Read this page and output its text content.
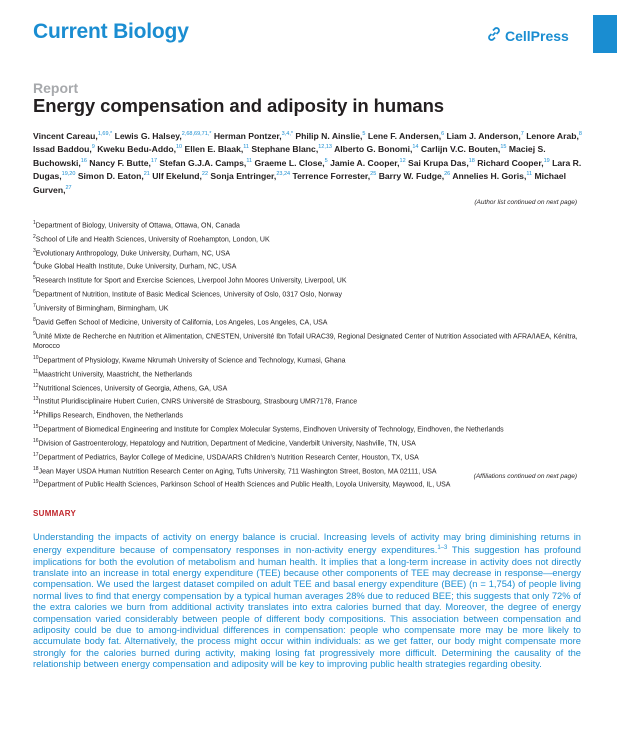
Current Biology	CellPress
Report
Energy compensation and adiposity in humans
Vincent Careau,$^{1,69,*}$ Lewis G. Halsey,$^{2,68,69,71,*}$ Herman Pontzer,$^{3,4,*}$ Philip N. Ainslie,$^5$ Lene F. Andersen,$^6$ Liam J. Anderson,$^7$ Lenore Arab,$^8$ Issad Baddou,$^9$ Kweku Bedu-Addo,$^{10}$ Ellen E. Blaak,$^{11}$ Stephane Blanc,$^{12,13}$ Alberto G. Bonomi,$^{14}$ Carlijn V.C. Bouten,$^{15}$ Maciej S. Buchowski,$^{16}$ Nancy F. Butte,$^{17}$ Stefan G.J.A. Camps,$^{11}$ Graeme L. Close,$^5$ Jamie A. Cooper,$^{12}$ Sai Krupa Das,$^{18}$ Richard Cooper,$^{19}$ Lara R. Dugas,$^{19,20}$ Simon D. Eaton,$^{21}$ Ulf Ekelund,$^{22}$ Sonja Entringer,$^{23,24}$ Terrence Forrester,$^{25}$ Barry W. Fudge,$^{26}$ Annelies H. Goris,$^{11}$ Michael Gurven,$^{27}$
(Author list continued on next page)
$^1$Department of Biology, University of Ottawa, Ottawa, ON, Canada
$^2$School of Life and Health Sciences, University of Roehampton, London, UK
$^3$Evolutionary Anthropology, Duke University, Durham, NC, USA
$^4$Duke Global Health Institute, Duke University, Durham, NC, USA
$^5$Research Institute for Sport and Exercise Sciences, Liverpool John Moores University, Liverpool, UK
$^6$Department of Nutrition, Institute of Basic Medical Sciences, University of Oslo, 0317 Oslo, Norway
$^7$University of Birmingham, Birmingham, UK
$^8$David Geffen School of Medicine, University of California, Los Angeles, Los Angeles, CA, USA
$^9$Unité Mixte de Recherche en Nutrition et Alimentation, CNESTEN, Université Ibn Tofail URAC39, Regional Designated Center of Nutrition Associated with AFRA/IAEA, Kénitra, Morocco
$^{10}$Department of Physiology, Kwame Nkrumah University of Science and Technology, Kumasi, Ghana
$^{11}$Maastricht University, Maastricht, the Netherlands
$^{12}$Nutritional Sciences, University of Georgia, Athens, GA, USA
$^{13}$Institut Pluridisciplinaire Hubert Curien, CNRS Université de Strasbourg, Strasbourg UMR7178, France
$^{14}$Phillips Research, Eindhoven, the Netherlands
$^{15}$Department of Biomedical Engineering and Institute for Complex Molecular Systems, Eindhoven University of Technology, Eindhoven, the Netherlands
$^{16}$Division of Gastroenterology, Hepatology and Nutrition, Department of Medicine, Vanderbilt University, Nashville, TN, USA
$^{17}$Department of Pediatrics, Baylor College of Medicine, USDA/ARS Children’s Nutrition Research Center, Houston, TX, USA
$^{18}$Jean Mayer USDA Human Nutrition Research Center on Aging, Tufts University, 711 Washington Street, Boston, MA 02111, USA
$^{19}$Department of Public Health Sciences, Parkinson School of Health Sciences and Public Health, Loyola University, Maywood, IL, USA
(Affiliations continued on next page)
SUMMARY
Understanding the impacts of activity on energy balance is crucial. Increasing levels of activity may bring diminishing returns in energy expenditure because of compensatory responses in non-activity energy expenditures.$^{1-3}$ This suggestion has profound implications for both the evolution of metabolism and human health. It implies that a long-term increase in activity does not directly translate into an increase in total energy expenditure (TEE) because other components of TEE may decrease in response—energy compensation. We used the largest dataset compiled on adult TEE and basal energy expenditure (BEE) (n = 1,754) of people living normal lives to find that energy compensation by a typical human averages 28% due to reduced BEE; this suggests that only 72% of the extra calories we burn from additional activity translates into extra calories burned that day. Moreover, the degree of energy compensation varied considerably between people of different body compositions. This association between compensation and adiposity could be due to among-individual differences in compensation: people who compensate more may be more likely to accumulate body fat. Alternatively, the process might occur within individuals: as we get fatter, our body might compensate more strongly for the calories burned during activity, making losing fat progressively more difficult. Determining the causality of the relationship between energy compensation and adiposity will be key to improving public health strategies regarding obesity.
